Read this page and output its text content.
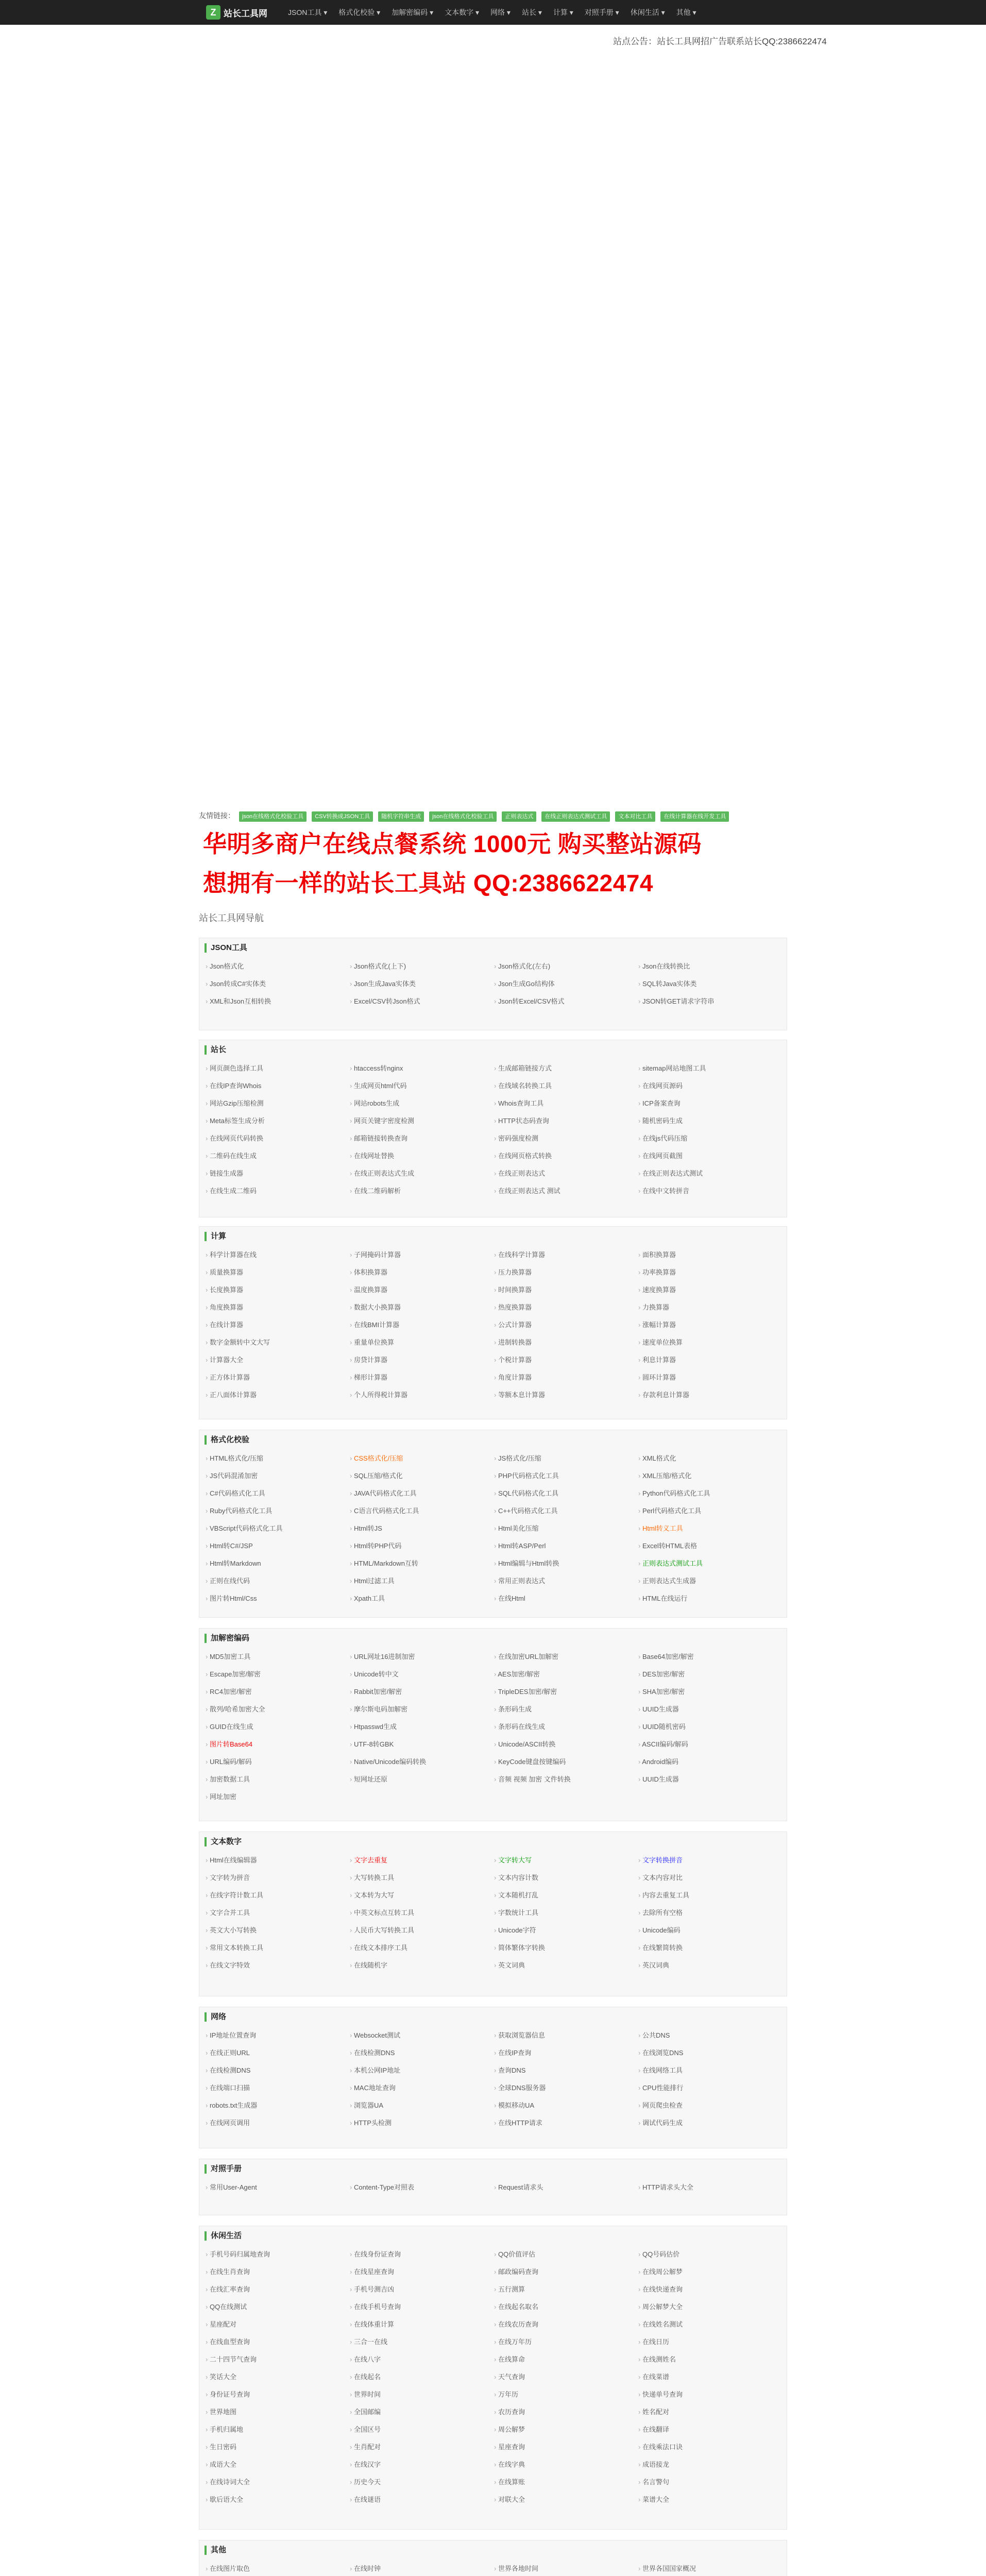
Z 站长工具网	JSON工具 ▾	格式化校验 ▾	加解密编码 ▾	文本数字 ▾	网络 ▾	站长 ▾	计算 ▾	对照手册 ▾	休闲生活 ▾	其他 ▾
站点公告：站长工具网招广告联系站长QQ:2386622474
友情链接：	json在线格式化校验工具 CSV转换成JSON工具 随机字符串生成 json在线格式化校验工具 正则表达式 在线正则表达式测试工具 文本对比工具 在线计算器在线开发工具
华明多商户在线点餐系统 1000元 购买整站源码
想拥有一样的站长工具站 QQ:2386622474
站长工具网导航
JSON工具
› Json格式化	› Json格式化(上下)	› Json格式化(左右)	› Json在线转换比
› Json转成C#实体类	› Json生成Java实体类	› Json生成Go结构体	› SQL转Java实体类
› XML和Json互相转换	› Excel/CSV转Json格式	› Json转Excel/CSV格式	› JSON转GET请求字符串
站长
› 网页颜色选择工具	› htaccess转nginx	› 生成邮箱链接方式	› sitemap网站地图工具
› 在线IP查询Whois	› 生成网页html代码	› 在线域名转换工具	› 在线网页源码
› 网站Gzip压缩检测	› 网站robots生成	› Whois查询工具	› ICP备案查询
› Meta标签生成分析	› 网页关键字密度检测	› HTTP状态码查询	› 随机密码生成
› 在线网页代码转换	› 邮箱链接转换查询	› 密码强度检测	› 在线js代码压缩
› 二维码在线生成	› 在线网址替换	› 在线网页格式转换	› 在线网页截图
› 链接生成器	› 在线正则表达式生成	› 在线正则表达式	› 在线正则表达式测试
› 在线生成二维码	› 在线二维码解析	› 在线正则表达式 测试	› 在线中文转拼音
计算
› 科学计算器在线	› 子网掩码计算器	› 在线科学计算器	› 面积换算器
› 质量换算器	› 体积换算器	› 压力换算器	› 功率换算器
› 长度换算器	› 温度换算器	› 时间换算器	› 速度换算器
› 角度换算器	› 数据大小换算器	› 热度换算器	› 力换算器
› 在线计算器	› 在线BMI计算器	› 公式计算器	› 涨幅计算器
› 数字金额转中文大写	› 重量单位换算	› 进制转换器	› 速度单位换算
› 计算器大全	› 房贷计算器	› 个税计算器	› 利息计算器
› 正方体计算器	› 梯形计算器	› 角度计算器	› 圆环计算器
› 正八面体计算器	› 个人所得税计算器	› 等额本息计算器	› 存款利息计算器
格式化校验
› HTML格式化/压缩	› CSS格式化/压缩	› JS格式化/压缩	› XML格式化
› JS代码混淆加密	› SQL压缩/格式化	› PHP代码格式化工具	› XML压缩/格式化
› C#代码格式化工具	› JAVA代码格式化工具	› SQL代码格式化工具	› Python代码格式化工具
› Ruby代码格式化工具	› C语言代码格式化工具	› C++代码格式化工具	› Perl代码格式化工具
› VBScript代码格式化工具	› Html转JS	› Html美化压缩	› Html转义工具
› Html转C#/JSP	› Html转PHP代码	› Html转ASP/Perl	› Excel转HTML表格
› Html转Markdown	› HTML/Markdown互转	› Html编辑与Html转换	› 正则表达式测试工具
› 正则在线代码	› Html过滤工具	› 常用正则表达式	› 正则表达式生成器
› 图片转Html/Css	› Xpath工具	› 在线Html	› HTML在线运行
加解密编码
› MD5加密工具	› URL网址16进制加密	› 在线加密URL加解密	› Base64加密/解密
› Escape加密/解密	› Unicode转中文	› AES加密/解密	› DES加密/解密
› RC4加密/解密	› Rabbit加密/解密	› TripleDES加密/解密	› SHA加密/解密
› 散列/哈希加密大全	› 摩尔斯电码加解密	› 条形码生成	› UUID生成器
› GUID在线生成	› Htpasswd生成	› 条形码在线生成	› UUID随机密码
› 图片转Base64	› UTF-8转GBK	› Unicode/ASCII转换	› ASCII编码/解码
› URL编码/解码	› Native/Unicode编码转换	› KeyCode键盘按键编码	› Android编码
› 加密数据工具	› 短网址还原	› 音频 视频 加密 文件转换	› UUID生成器
› 网址加密
文本数字
› Html在线编辑器	› 文字去重复	› 文字转大写	› 文字转换拼音
› 文字转为拼音	› 大写转换工具	› 文本内容计数	› 文本内容对比
› 在线字符计数工具	› 文本转为大写	› 文本随机打乱	› 内容去重复工具
› 文字合并工具	› 中英文标点互转工具	› 字数统计工具	› 去除所有空格
› 英文大小写转换	› 人民币大写转换工具	› Unicode字符	› Unicode编码
› 常用文本转换工具	› 在线文本排序工具	› 简体繁体字转换	› 在线繁简转换
› 在线文字特效	› 在线随机字	› 英文词典	› 英汉词典
网络
› IP地址位置查询	› Websocket测试	› 获取浏览器信息	› 公共DNS
› 在线正则URL	› 在线检测DNS	› 在线IP查询	› 在线浏览DNS
› 在线检测DNS	› 本机公网IP地址	› 查询DNS	› 在线网络工具
› 在线端口扫描	› MAC地址查询	› 全球DNS服务器	› CPU性能排行
› robots.txt生成器	› 浏览器UA	› 模拟移动UA	› 网页爬虫检查
› 在线网页调用	› HTTP头检测	› 在线HTTP请求	› 调试代码生成
对照手册
› 常用User-Agent	› Content-Type对照表	› Request请求头	› HTTP请求头大全
休闲生活
› 手机号码归属地查询	› 在线身份证查询	› QQ价值评估	› QQ号码估价
› 在线生肖查询	› 在线星座查询	› 邮政编码查询	› 在线周公解梦
› 在线汇率查询	› 手机号测吉凶	› 五行测算	› 在线快递查询
› QQ在线测试	› 在线手机号查询	› 在线起名取名	› 周公解梦大全
› 星座配对	› 在线体重计算	› 在线农历查询	› 在线姓名测试
› 在线血型查询	› 三合一在线	› 在线万年历	› 在线日历
› 二十四节气查询	› 在线八字	› 在线算命	› 在线测姓名
› 笑话大全	› 在线起名	› 天气查询	› 在线菜谱
› 身份证号查询	› 世界时间	› 万年历	› 快递单号查询
› 世界地图	› 全国邮编	› 农历查询	› 姓名配对
› 手机归属地	› 全国区号	› 周公解梦	› 在线翻译
› 生日密码	› 生肖配对	› 星座查询	› 在线乘法口诀
› 成语大全	› 在线汉字	› 在线字典	› 成语接龙
› 在线诗词大全	› 历史今天	› 在线算账	› 名言警句
› 歇后语大全	› 在线谜语	› 对联大全	› 菜谱大全
其他
› 在线图片取色	› 在线时钟	› 世界各地时间	› 世界各国国家概况
